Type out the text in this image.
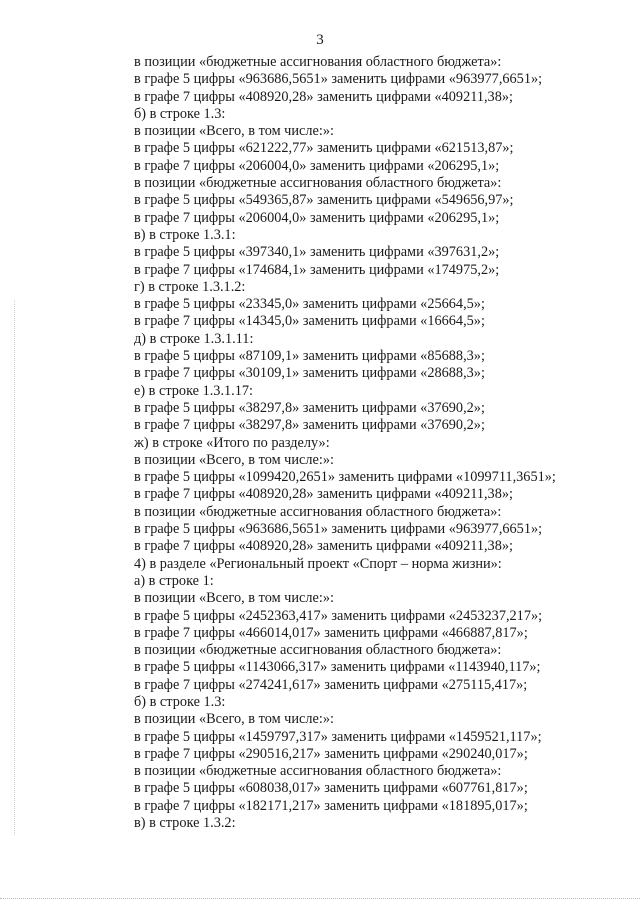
3
в позиции «бюджетные ассигнования областного бюджета»:
в графе 5 цифры «963686,5651» заменить цифрами «963977,6651»;
в графе 7 цифры «408920,28» заменить цифрами «409211,38»;
б) в строке 1.3:
в позиции «Всего, в том числе:»:
в графе 5 цифры «621222,77» заменить цифрами «621513,87»;
в графе 7 цифры «206004,0» заменить цифрами «206295,1»;
в позиции «бюджетные ассигнования областного бюджета»:
в графе 5 цифры «549365,87» заменить цифрами «549656,97»;
в графе 7 цифры «206004,0» заменить цифрами «206295,1»;
в) в строке 1.3.1:
в графе 5 цифры «397340,1» заменить цифрами «397631,2»;
в графе 7 цифры «174684,1» заменить цифрами «174975,2»;
г) в строке 1.3.1.2:
в графе 5 цифры «23345,0» заменить цифрами «25664,5»;
в графе 7 цифры «14345,0» заменить цифрами «16664,5»;
д) в строке 1.3.1.11:
в графе 5 цифры «87109,1» заменить цифрами «85688,3»;
в графе 7 цифры «30109,1» заменить цифрами «28688,3»;
е) в строке 1.3.1.17:
в графе 5 цифры «38297,8» заменить цифрами «37690,2»;
в графе 7 цифры «38297,8» заменить цифрами «37690,2»;
ж) в строке «Итого по разделу»:
в позиции «Всего, в том числе:»:
в графе 5 цифры «1099420,2651» заменить цифрами «1099711,3651»;
в графе 7 цифры «408920,28» заменить цифрами «409211,38»;
в позиции «бюджетные ассигнования областного бюджета»:
в графе 5 цифры «963686,5651» заменить цифрами «963977,6651»;
в графе 7 цифры «408920,28» заменить цифрами «409211,38»;
4) в разделе «Региональный проект «Спорт – норма жизни»:
а) в строке 1:
в позиции «Всего, в том числе:»:
в графе 5 цифры «2452363,417» заменить цифрами «2453237,217»;
в графе 7 цифры «466014,017» заменить цифрами «466887,817»;
в позиции «бюджетные ассигнования областного бюджета»:
в графе 5 цифры «1143066,317» заменить цифрами «1143940,117»;
в графе 7 цифры «274241,617» заменить цифрами «275115,417»;
б) в строке 1.3:
в позиции «Всего, в том числе:»:
в графе 5 цифры «1459797,317» заменить цифрами «1459521,117»;
в графе 7 цифры «290516,217» заменить цифрами «290240,017»;
в позиции «бюджетные ассигнования областного бюджета»:
в графе 5 цифры «608038,017» заменить цифрами «607761,817»;
в графе 7 цифры «182171,217» заменить цифрами «181895,017»;
в) в строке 1.3.2:
